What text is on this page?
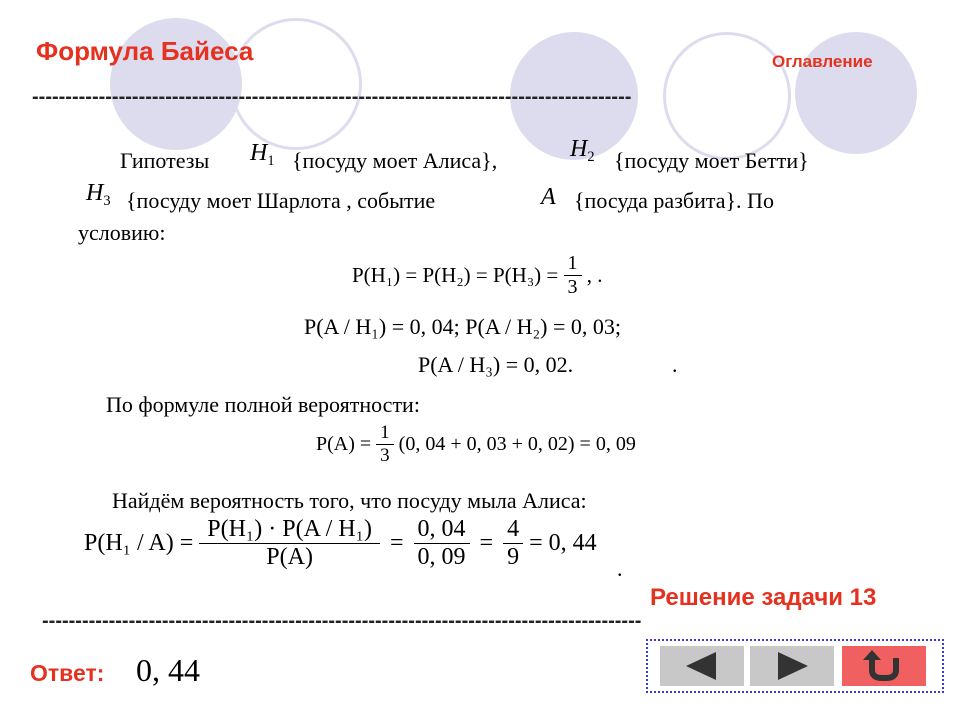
Формула Байеса	Оглавление
------------------------------------------------------------------------------------------
Гипотезы $H_1$ {посуду моет Алиса},	$H_2$ {посуду моет Бетти}
$H_3$ {посуду моет Шарлота , событие	A {посуда разбита}. По
условию:
$P(H_1) = P(H_2) = P(H_3) = \frac{1}{3}$ , .
P(A / H₁) = 0, 04; P(A / H₂) = 0, 03;
P(A / H₃) = 0, 02.	.
По формуле полной вероятности:
$P(A) = \frac{1}{3} (0$, 04 + 0, 03 + 0, 02) = 0, 09
Найдём вероятность того, что посуду мыла Алиса:
$P(H_1 / A) = \frac{\text{P(H₁) · P(A / H₁)}}{P(A)} = \frac{0, 04}{0, 09} = \frac{4}{9} = 0$, 44
.
Решение задачи 13
------------------------------------------------------------------------------------------
Ответ: 0, 44
